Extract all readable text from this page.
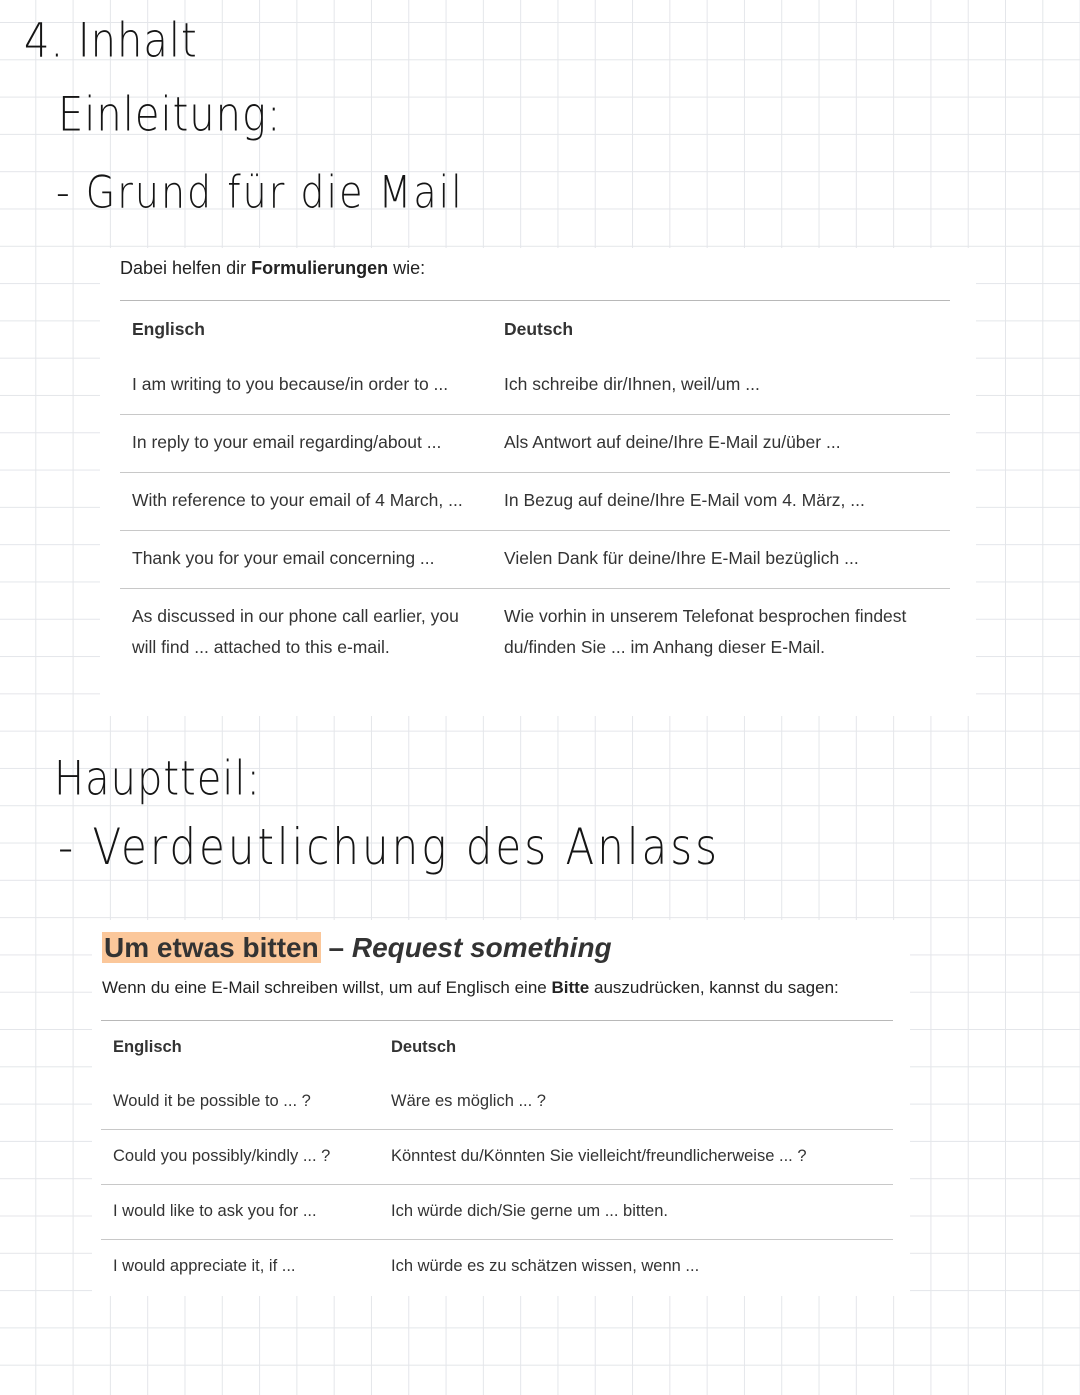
4. Inhalt
Einleitung:
- Grund für die Mail
Dabei helfen dir Formulierungen wie:
Englisch	Deutsch
I am writing to you because/in order to ...	Ich schreibe dir/Ihnen, weil/um ...
In reply to your email regarding/about ...	Als Antwort auf deine/Ihre E-Mail zu/über ...
With reference to your email of 4 March, ...	In Bezug auf deine/Ihre E-Mail vom 4. März, ...
Thank you for your email concerning ...	Vielen Dank für deine/Ihre E-Mail bezüglich ...
As discussed in our phone call earlier, you will find ... attached to this e-mail.	Wie vorhin in unserem Telefonat besprochen findest du/finden Sie ... im Anhang dieser E-Mail.
Hauptteil:
- Verdeutlichung des Anlass
Um etwas bitten – Request something
Wenn du eine E-Mail schreiben willst, um auf Englisch eine Bitte auszudrücken, kannst du sagen:
Englisch	Deutsch
Would it be possible to ... ?	Wäre es möglich ... ?
Could you possibly/kindly ... ?	Könntest du/Könnten Sie vielleicht/freundlicherweise ... ?
I would like to ask you for ...	Ich würde dich/Sie gerne um ... bitten.
I would appreciate it, if ...	Ich würde es zu schätzen wissen, wenn ...
